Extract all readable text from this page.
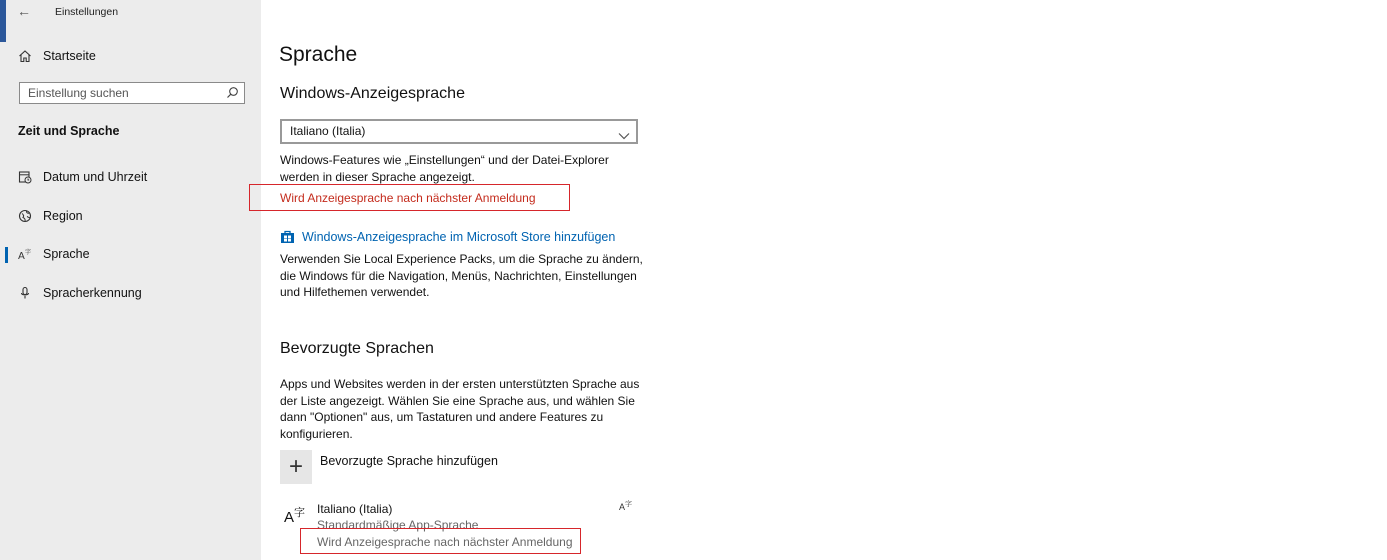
← Einstellungen
Startseite
Einstellung suchen
Zeit und Sprache
Datum und Uhrzeit
Region
A 字 Sprache
Spracherkennung
Sprache
Windows-Anzeigesprache
Italiano (Italia)
Windows-Features wie „Einstellungen“ und der Datei-Explorer
werden in dieser Sprache angezeigt.
Wird Anzeigesprache nach nächster Anmeldung
Windows-Anzeigesprache im Microsoft Store hinzufügen
Verwenden Sie Local Experience Packs, um die Sprache zu ändern,
die Windows für die Navigation, Menüs, Nachrichten, Einstellungen
und Hilfethemen verwendet.
Bevorzugte Sprachen
Apps und Websites werden in der ersten unterstützten Sprache aus
der Liste angezeigt. Wählen Sie eine Sprache aus, und wählen Sie
dann "Optionen" aus, um Tastaturen und andere Features zu
konfigurieren.
+ Bevorzugte Sprache hinzufügen
$A^字$ Italiano (Italia)
Standardmäßige App-Sprache
Wird Anzeigesprache nach nächster Anmeldung
$A^字$
